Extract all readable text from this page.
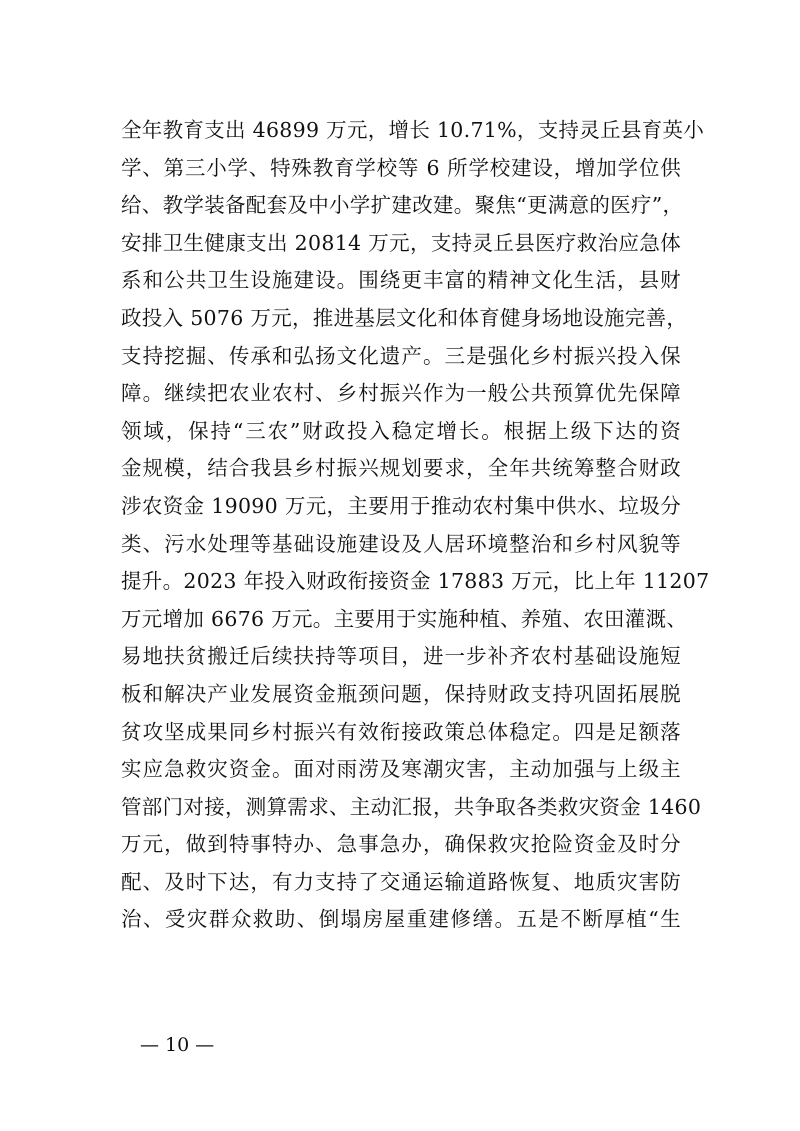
全年教育支出 46899 万元，增长 10.71%，支持灵丘县育英小
学、第三小学、特殊教育学校等 6 所学校建设，增加学位供
给、教学装备配套及中小学扩建改建。聚焦“更满意的医疗”，
安排卫生健康支出 20814 万元，支持灵丘县医疗救治应急体
系和公共卫生设施建设。围绕更丰富的精神文化生活，县财
政投入 5076 万元，推进基层文化和体育健身场地设施完善，
支持挖掘、传承和弘扬文化遗产。三是强化乡村振兴投入保
障。继续把农业农村、乡村振兴作为一般公共预算优先保障
领域，保持“三农”财政投入稳定增长。根据上级下达的资
金规模，结合我县乡村振兴规划要求，全年共统筹整合财政
涉农资金 19090 万元，主要用于推动农村集中供水、垃圾分
类、污水处理等基础设施建设及人居环境整治和乡村风貌等
提升。2023 年投入财政衔接资金 17883 万元，比上年 11207
万元增加 6676 万元。主要用于实施种植、养殖、农田灌溉、
易地扶贫搬迁后续扶持等项目，进一步补齐农村基础设施短
板和解决产业发展资金瓶颈问题，保持财政支持巩固拓展脱
贫攻坚成果同乡村振兴有效衔接政策总体稳定。四是足额落
实应急救灾资金。面对雨涝及寒潮灾害，主动加强与上级主
管部门对接，测算需求、主动汇报，共争取各类救灾资金 1460
万元，做到特事特办、急事急办，确保救灾抢险资金及时分
配、及时下达，有力支持了交通运输道路恢复、地质灾害防
治、受灾群众救助、倒塌房屋重建修缮。五是不断厚植“生
— 10 —
